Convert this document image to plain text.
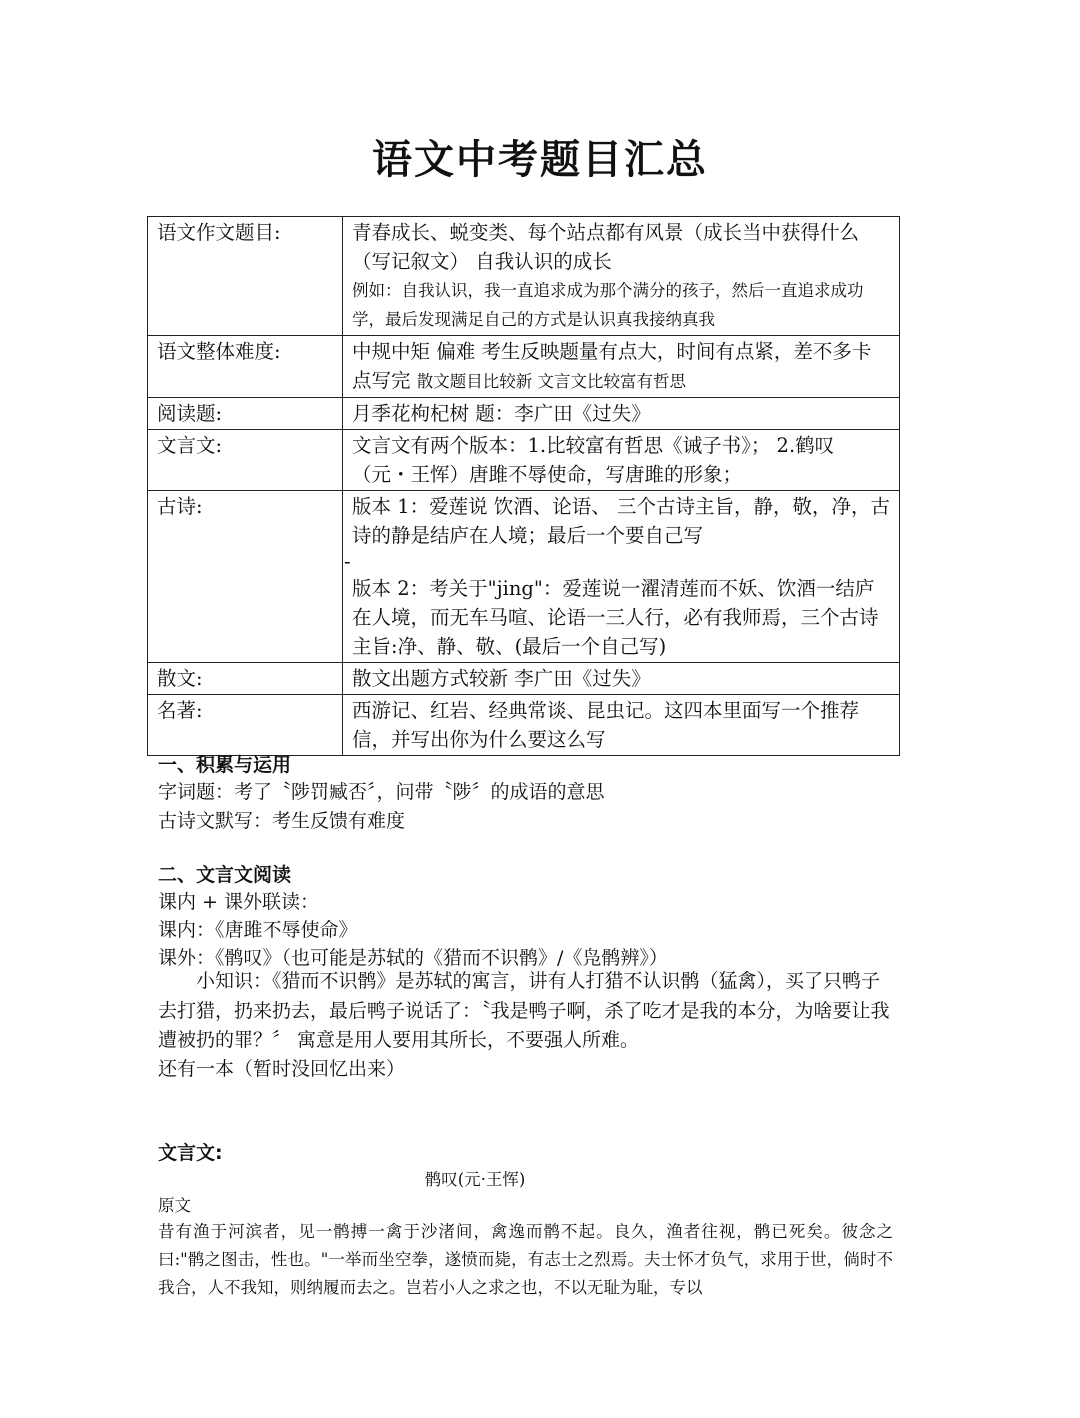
语文中考题目汇总
语文作文题目:	青春成长、蜕变类、每个站点都有风景（成长当中获得什么（写记叙文） 自我认识的成长
例如：自我认识，我一直追求成为那个满分的孩子，然后一直追求成功学，最后发现满足自己的方式是认识真我接纳真我

语文整体难度:	中规中矩 偏难 考生反映题量有点大，时间有点紧，差不多卡点写完 散文题目比较新 文言文比较富有哲思
阅读题:	月季花枸杞树 题：李广田《过失》
文言文:	文言文有两个版本：1.比较富有哲思《诫子书》； 2.鹤叹（元・王恽）唐雎不辱使命，写唐雎的形象；
古诗:	版本 1：爱莲说 饮酒、论语、 三个古诗主旨，静，敬，净，古诗的静是结庐在人境；最后一个要自己写
-
版本 2：考关于"jing"：爱莲说一濯清莲而不妖、饮酒一结庐在人境，而无车马喧、论语一三人行，必有我师焉，三个古诗主旨:净、静、敬、(最后一个自己写)

散文:	散文出题方式较新 李广田《过失》
名著:	西游记、红岩、经典常谈、昆虫记。这四本里面写一个推荐信，并写出你为什么要这么写
一、积累与运用
字词题：考了〝陟罚臧否〞，问带〝陟〞的成语的意思
古诗文默写：考生反馈有难度
二、文言文阅读
课内 + 课外联读：
课内：《唐雎不辱使命》
课外：《鹘叹》（也可能是苏轼的《猎而不识鹘》/《凫鹘辨》）
小知识：《猎而不识鹘》是苏轼的寓言，讲有人打猎不认识鹘（猛禽），买了只鸭子去打猎，扔来扔去，最后鸭子说话了：〝我是鸭子啊，杀了吃才是我的本分，为啥要让我遭被扔的罪？〞 寓意是用人要用其所长，不要强人所难。
还有一本（暂时没回忆出来）
文言文:
鹘叹(元·王恽)
原文
昔有渔于河滨者，见一鹘搏一禽于沙渚间，禽逸而鹘不起。良久，渔者往视，鹘已死矣。彼念之曰:"鹘之图击，性也。"一举而坐空拳，遂愤而毙，有志士之烈焉。夫士怀才负气，求用于世，倘时不我合，人不我知，则纳履而去之。岂若小人之求之也，不以无耻为耻，专以
